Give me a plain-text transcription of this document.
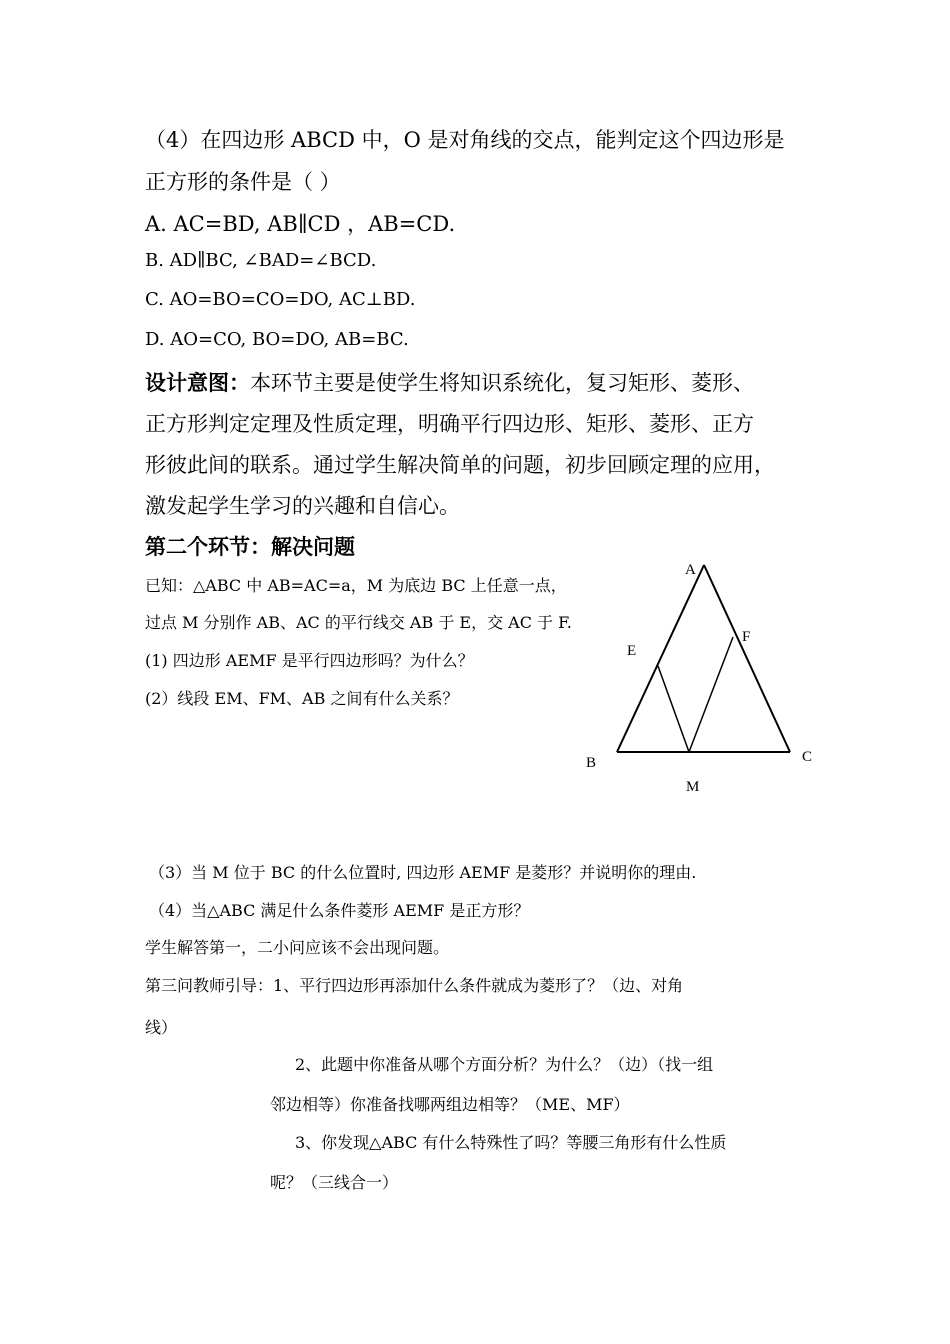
（4）在四边形 ABCD 中，O 是对角线的交点，能判定这个四边形是
正方形的条件是（ ）
A. AC=BD, AB∥CD ，AB=CD.
B. AD∥BC, ∠BAD=∠BCD.
C. AO=BO=CO=DO, AC⊥BD.
D. AO=CO, BO=DO, AB=BC.
设计意图：本环节主要是使学生将知识系统化，复习矩形、菱形、
正方形判定定理及性质定理，明确平行四边形、矩形、菱形、正方
形彼此间的联系。通过学生解决简单的问题，初步回顾定理的应用，
激发起学生学习的兴趣和自信心。
第二个环节：解决问题
已知：△ABC 中 AB=AC=a，M 为底边 BC 上任意一点，
过点 M 分别作 AB、AC 的平行线交 AB 于 E，交 AC 于 F.
(1) 四边形 AEMF 是平行四边形吗？为什么？
(2）线段 EM、FM、AB 之间有什么关系？
A
F
E
B	C
M
（3）当 M 位于 BC 的什么位置时, 四边形 AEMF 是菱形？并说明你的理由.
（4）当△ABC 满足什么条件菱形 AEMF 是正方形？
学生解答第一，二小问应该不会出现问题。
第三问教师引导：1、平行四边形再添加什么条件就成为菱形了？（边、对角
线）
2、此题中你准备从哪个方面分析？为什么？（边）（找一组
邻边相等）你准备找哪两组边相等？（ME、MF）
3、你发现△ABC 有什么特殊性了吗？等腰三角形有什么性质
呢？（三线合一）
